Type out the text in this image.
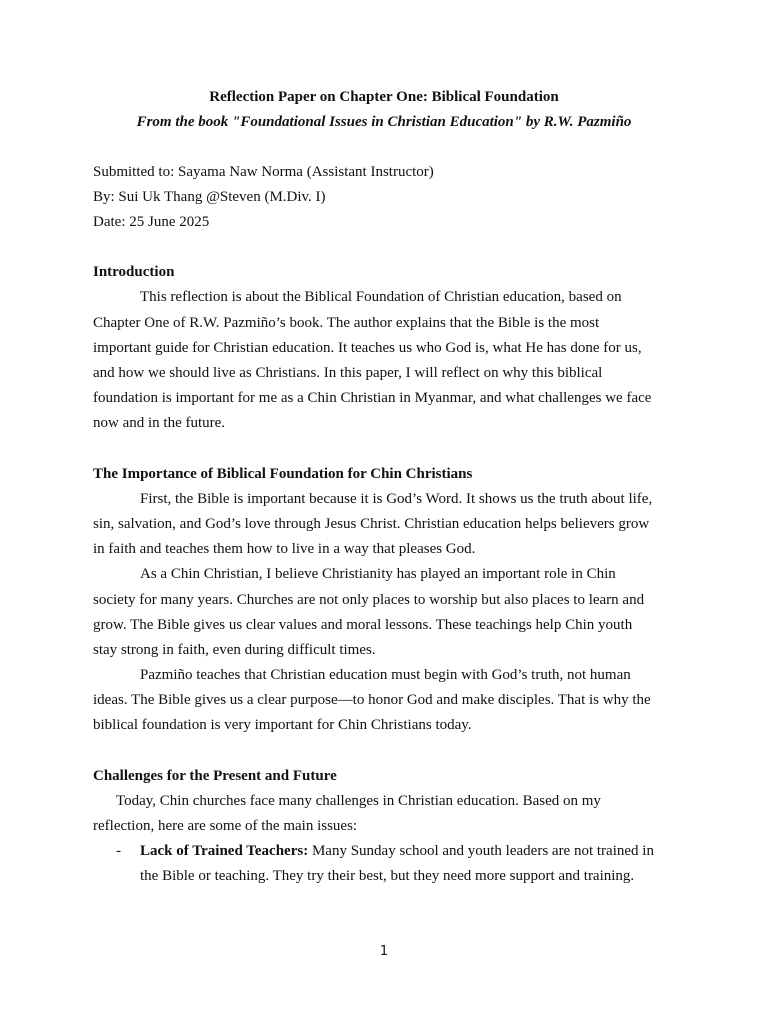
Reflection Paper on Chapter One: Biblical Foundation
From the book "Foundational Issues in Christian Education" by R.W. Pazmiño
Submitted to: Sayama Naw Norma (Assistant Instructor)
By: Sui Uk Thang @Steven (M.Div. I)
Date: 25 June 2025
Introduction
This reflection is about the Biblical Foundation of Christian education, based on
Chapter One of R.W. Pazmiño’s book. The author explains that the Bible is the most
important guide for Christian education. It teaches us who God is, what He has done for us,
and how we should live as Christians. In this paper, I will reflect on why this biblical
foundation is important for me as a Chin Christian in Myanmar, and what challenges we face
now and in the future.
The Importance of Biblical Foundation for Chin Christians
First, the Bible is important because it is God’s Word. It shows us the truth about life,
sin, salvation, and God’s love through Jesus Christ. Christian education helps believers grow
in faith and teaches them how to live in a way that pleases God.
As a Chin Christian, I believe Christianity has played an important role in Chin
society for many years. Churches are not only places to worship but also places to learn and
grow. The Bible gives us clear values and moral lessons. These teachings help Chin youth
stay strong in faith, even during difficult times.
Pazmiño teaches that Christian education must begin with God’s truth, not human
ideas. The Bible gives us a clear purpose—to honor God and make disciples. That is why the
biblical foundation is very important for Chin Christians today.
Challenges for the Present and Future
Today, Chin churches face many challenges in Christian education. Based on my
reflection, here are some of the main issues:
- Lack of Trained Teachers: Many Sunday school and youth leaders are not trained in
the Bible or teaching. They try their best, but they need more support and training.
1
